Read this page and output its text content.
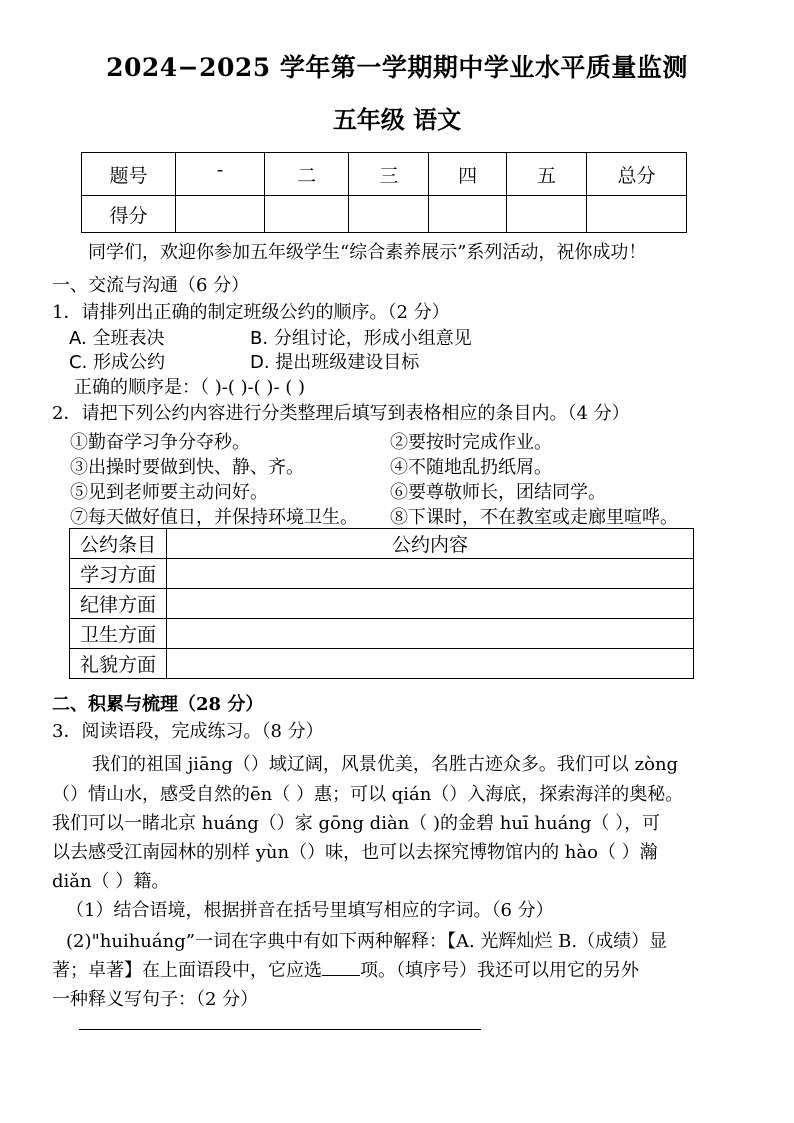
2024−2025 学年第一学期期中学业水平质量监测
五年级 语文
题号	-	二	三	四	五	总分
得分						
同学们，欢迎你参加五年级学生“综合素养展示”系列活动，祝你成功！
一、交流与沟通（6 分）
1．请排列出正确的制定班级公约的顺序。（2 分）
A. 全班表决	B. 分组讨论，形成小组意见
C. 形成公约	D. 提出班级建设目标
正确的顺序是：（ )-( )-( )- ( )
2．请把下列公约内容进行分类整理后填写到表格相应的条目内。（4 分）
①勤奋学习争分夺秒。	②要按时完成作业。
③出操时要做到快、静、齐。	④不随地乱扔纸屑。
⑤见到老师要主动问好。	⑥要尊敬师长，团结同学。
⑦每天做好值日，并保持环境卫生。 ⑧下课时，不在教室或走廊里喧哗。
公约条目	公约内容
学习方面	
纪律方面	
卫生方面	
礼貌方面	
二、积累与梳理（28 分）
3．阅读语段，完成练习。（8 分）
我们的祖国 jiāng（）域辽阔，风景优美，名胜古迹众多。我们可以 zòng
（）情山水，感受自然的ēn（ ）惠；可以 qián（）入海底，探索海洋的奥秘。
我们可以一睹北京 huáng（）家 gōng diàn（ )的金碧 huī huáng（ ），可
以去感受江南园林的别样 yùn（）味，也可以去探究博物馆内的 hào（ ）瀚
diǎn（ ）籍。
（1）结合语境，根据拼音在括号里填写相应的字词。（6 分）
(2)"huihuáng”一词在字典中有如下两种解释：【A. 光辉灿烂 B.（成绩）显
著；卓著】在上面语段中，它应选 项。（填序号）我还可以用它的另外
一种释义写句子：（2 分）
